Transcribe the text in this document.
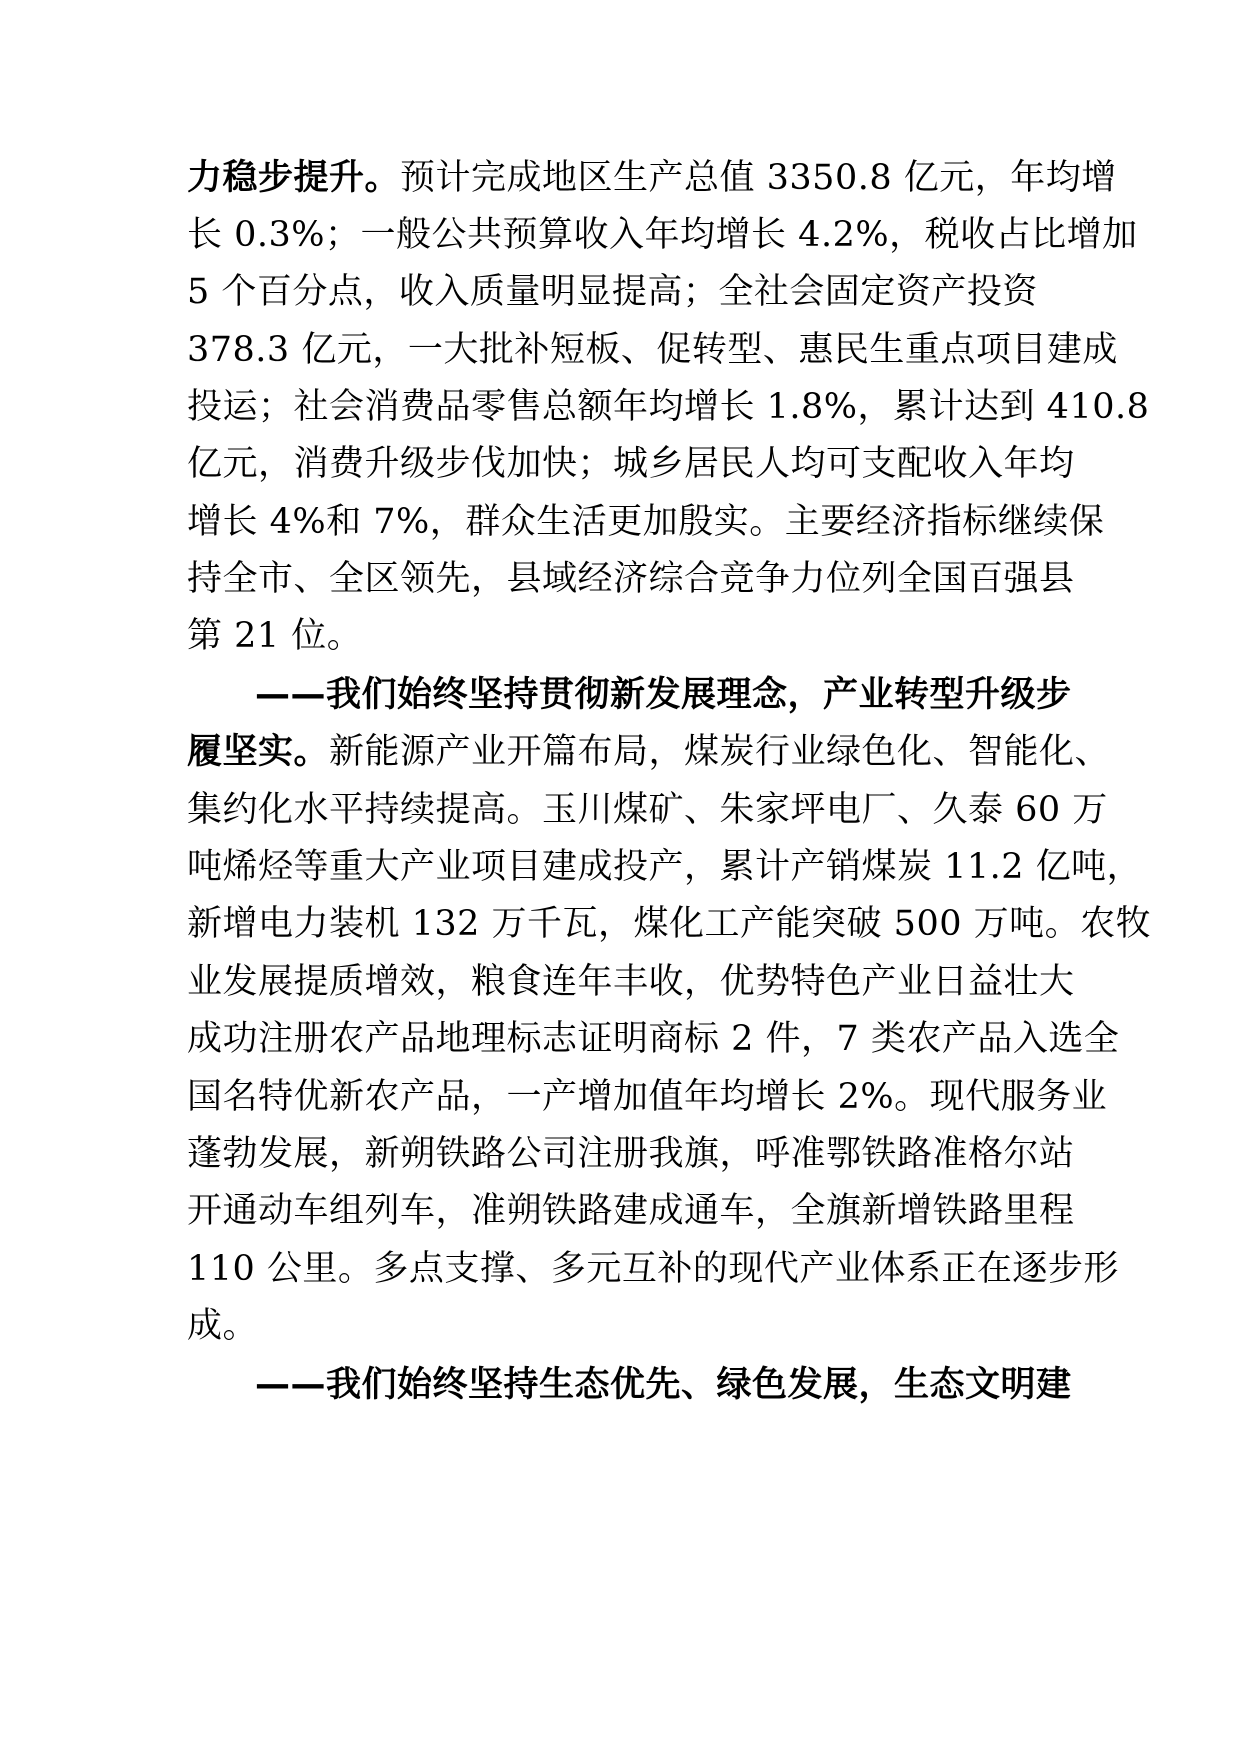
力稳步提升。预计完成地区生产总值 3350.8 亿元，年均增
长 0.3%；一般公共预算收入年均增长 4.2%，税收占比增加
5 个百分点，收入质量明显提高；全社会固定资产投资
378.3 亿元，一大批补短板、促转型、惠民生重点项目建成
投运；社会消费品零售总额年均增长 1.8%，累计达到 410.8
亿元，消费升级步伐加快；城乡居民人均可支配收入年均
增长 4%和 7%，群众生活更加殷实。主要经济指标继续保
持全市、全区领先，县域经济综合竞争力位列全国百强县
第 21 位。
——我们始终坚持贯彻新发展理念，产业转型升级步
履坚实。新能源产业开篇布局，煤炭行业绿色化、智能化、
集约化水平持续提高。玉川煤矿、朱家坪电厂、久泰 60 万
吨烯烃等重大产业项目建成投产，累计产销煤炭 11.2 亿吨，
新增电力装机 132 万千瓦，煤化工产能突破 500 万吨。农牧
业发展提质增效，粮食连年丰收，优势特色产业日益壮大
成功注册农产品地理标志证明商标 2 件，7 类农产品入选全
国名特优新农产品，一产增加值年均增长 2%。现代服务业
蓬勃发展，新朔铁路公司注册我旗，呼准鄂铁路准格尔站
开通动车组列车，准朔铁路建成通车，全旗新增铁路里程
110 公里。多点支撑、多元互补的现代产业体系正在逐步形
成。
——我们始终坚持生态优先、绿色发展，生态文明建
